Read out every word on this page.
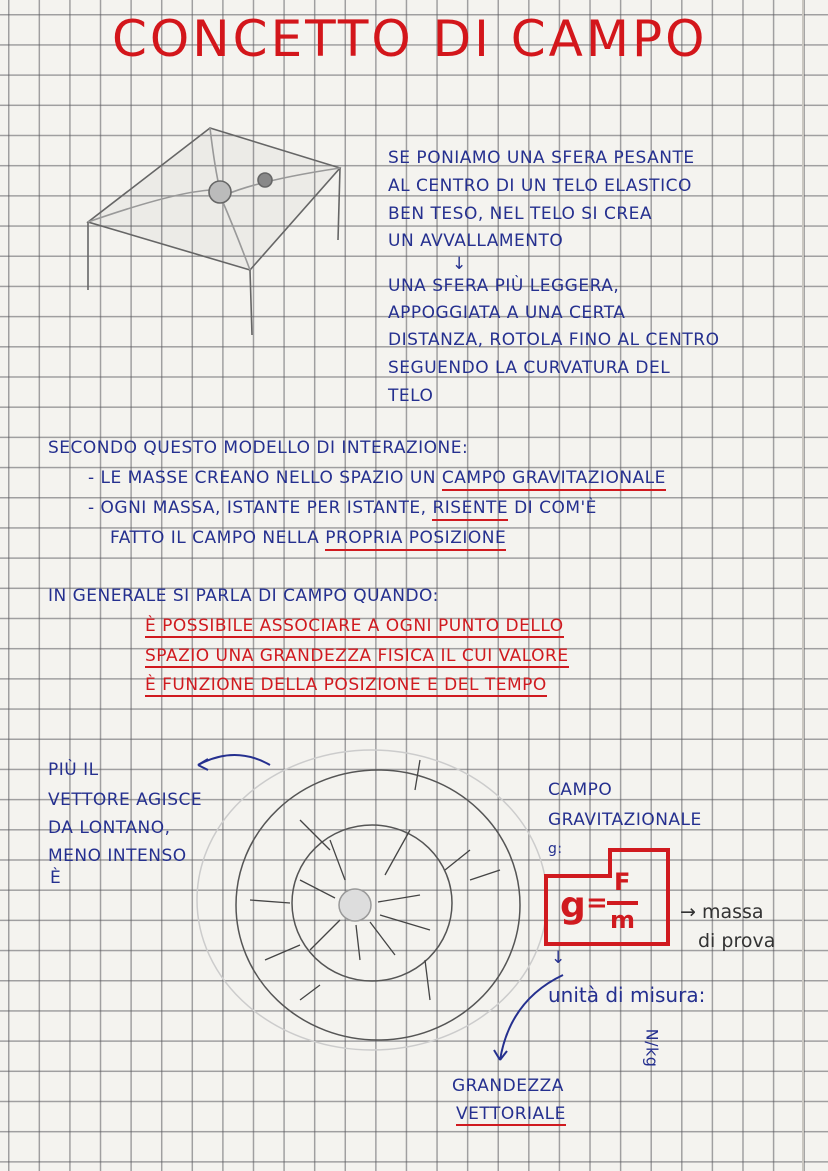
CONCETTO DI CAMPO
SE PONIAMO UNA SFERA PESANTE
AL CENTRO DI UN TELO ELASTICO
BEN TESO, NEL TELO SI CREA
UN AVVALLAMENTO
↓
UNA SFERA PIÙ LEGGERA,
APPOGGIATA A UNA CERTA
DISTANZA, ROTOLA FINO AL CENTRO
SEGUENDO LA CURVATURA DEL
TELO
SECONDO QUESTO MODELLO DI INTERAZIONE:
- LE MASSE CREANO NELLO SPAZIO UN CAMPO GRAVITAZIONALE
- OGNI MASSA, ISTANTE PER ISTANTE, RISENTE DI COM'È
FATTO IL CAMPO NELLA PROPRIA POSIZIONE
IN GENERALE SI PARLA DI CAMPO QUANDO:
È POSSIBILE ASSOCIARE A OGNI PUNTO DELLO
SPAZIO UNA GRANDEZZA FISICA IL CUI VALORE
È FUNZIONE DELLA POSIZIONE E DEL TEMPO
PIÙ IL
VETTORE AGISCE
DA LONTANO,
MENO INTENSO
È
CAMPO
GRAVITAZIONALE
g:
g =
F
m → massa
di prova
↓
unità di misura:
N/kg
GRANDEZZA
VETTORIALE
